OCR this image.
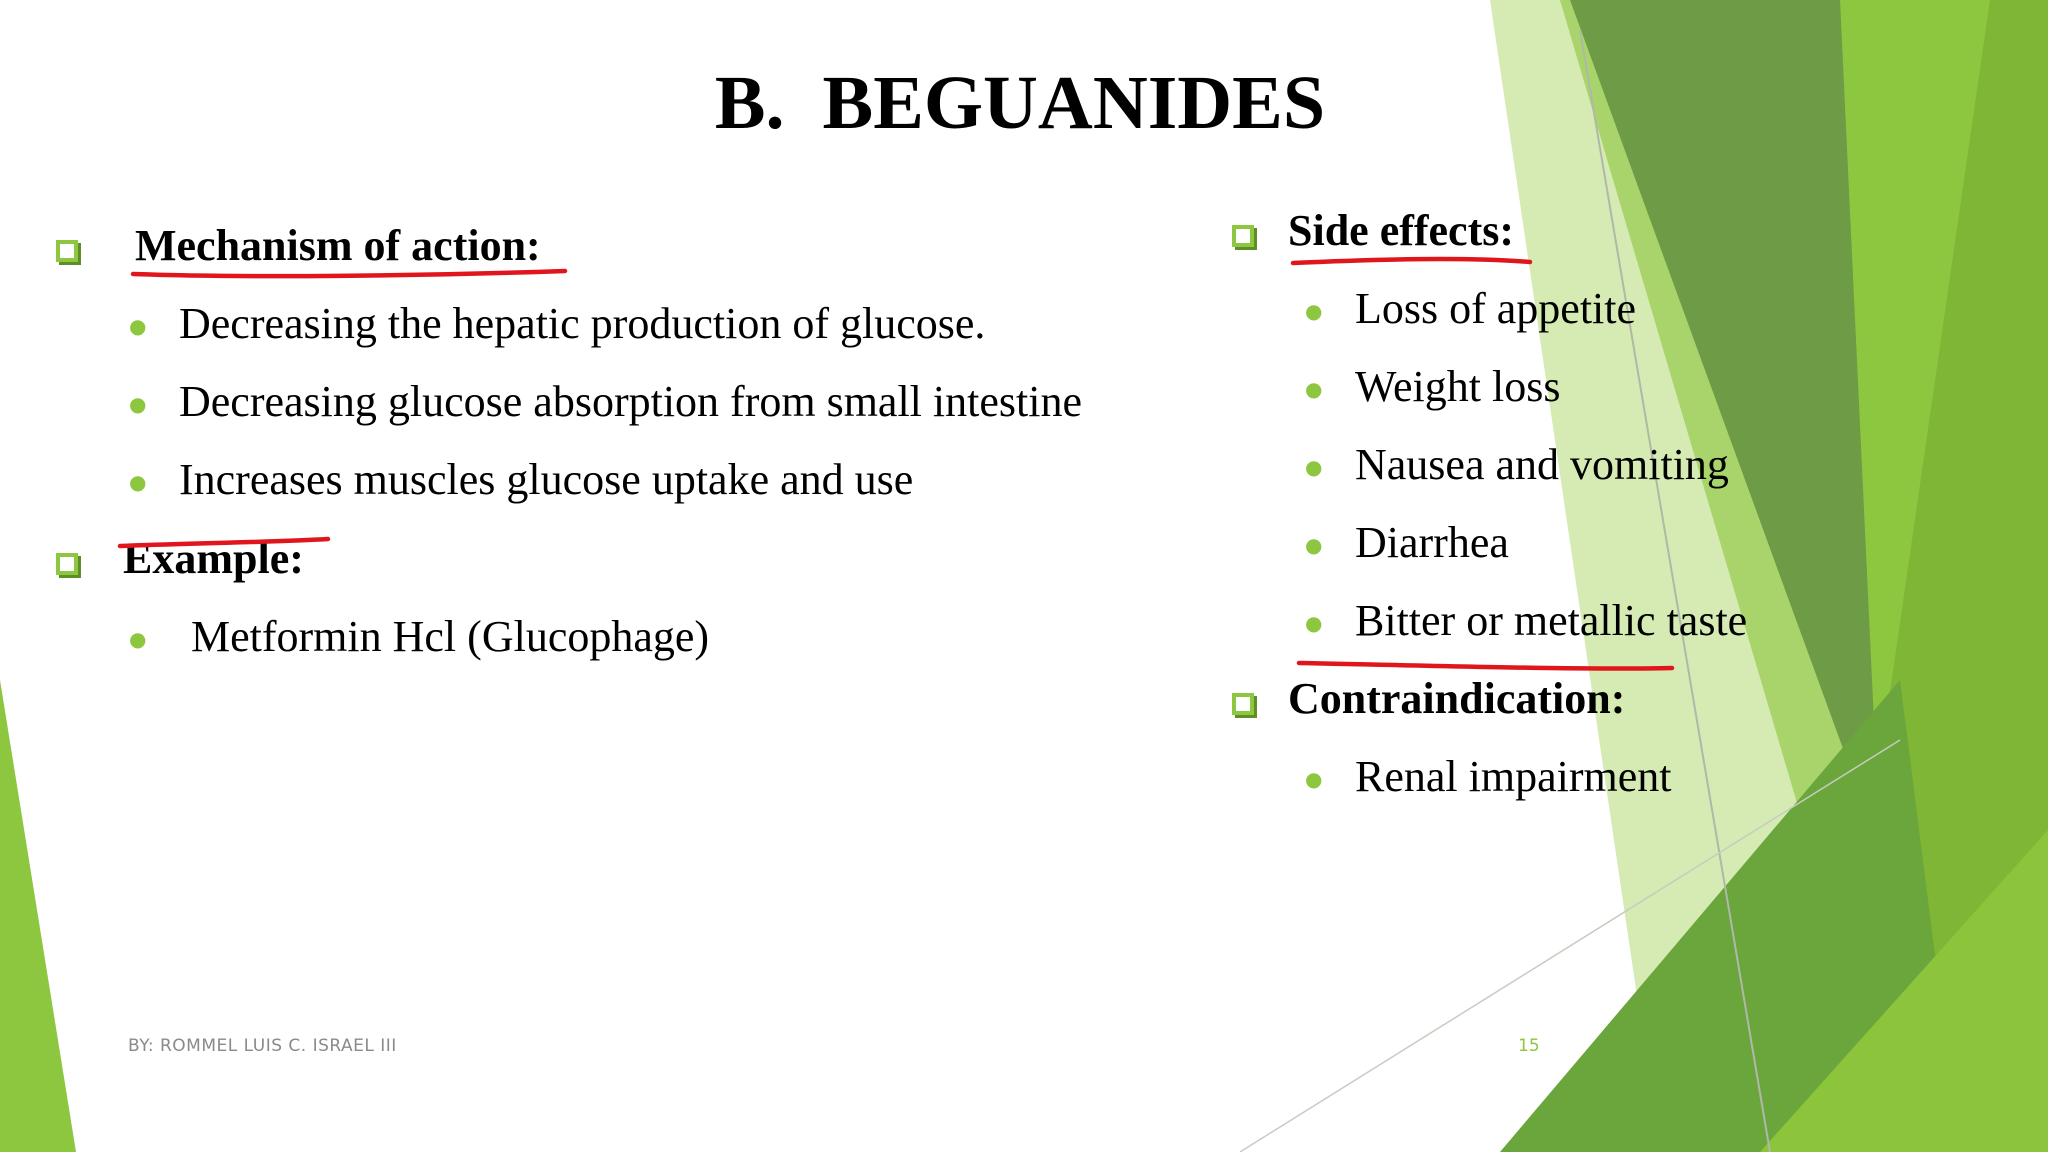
B.  BEGUANIDES
Mechanism of action:
● Decreasing the hepatic production of glucose.
● Decreasing glucose absorption from small intestine
● Increases muscles glucose uptake and use
Example:
● Metformin Hcl (Glucophage)
Side effects:
● Loss of appetite
● Weight loss
● Nausea and vomiting
● Diarrhea
● Bitter or metallic taste
Contraindication:
● Renal impairment
BY: ROMMEL LUIS C. ISRAEL III	15
